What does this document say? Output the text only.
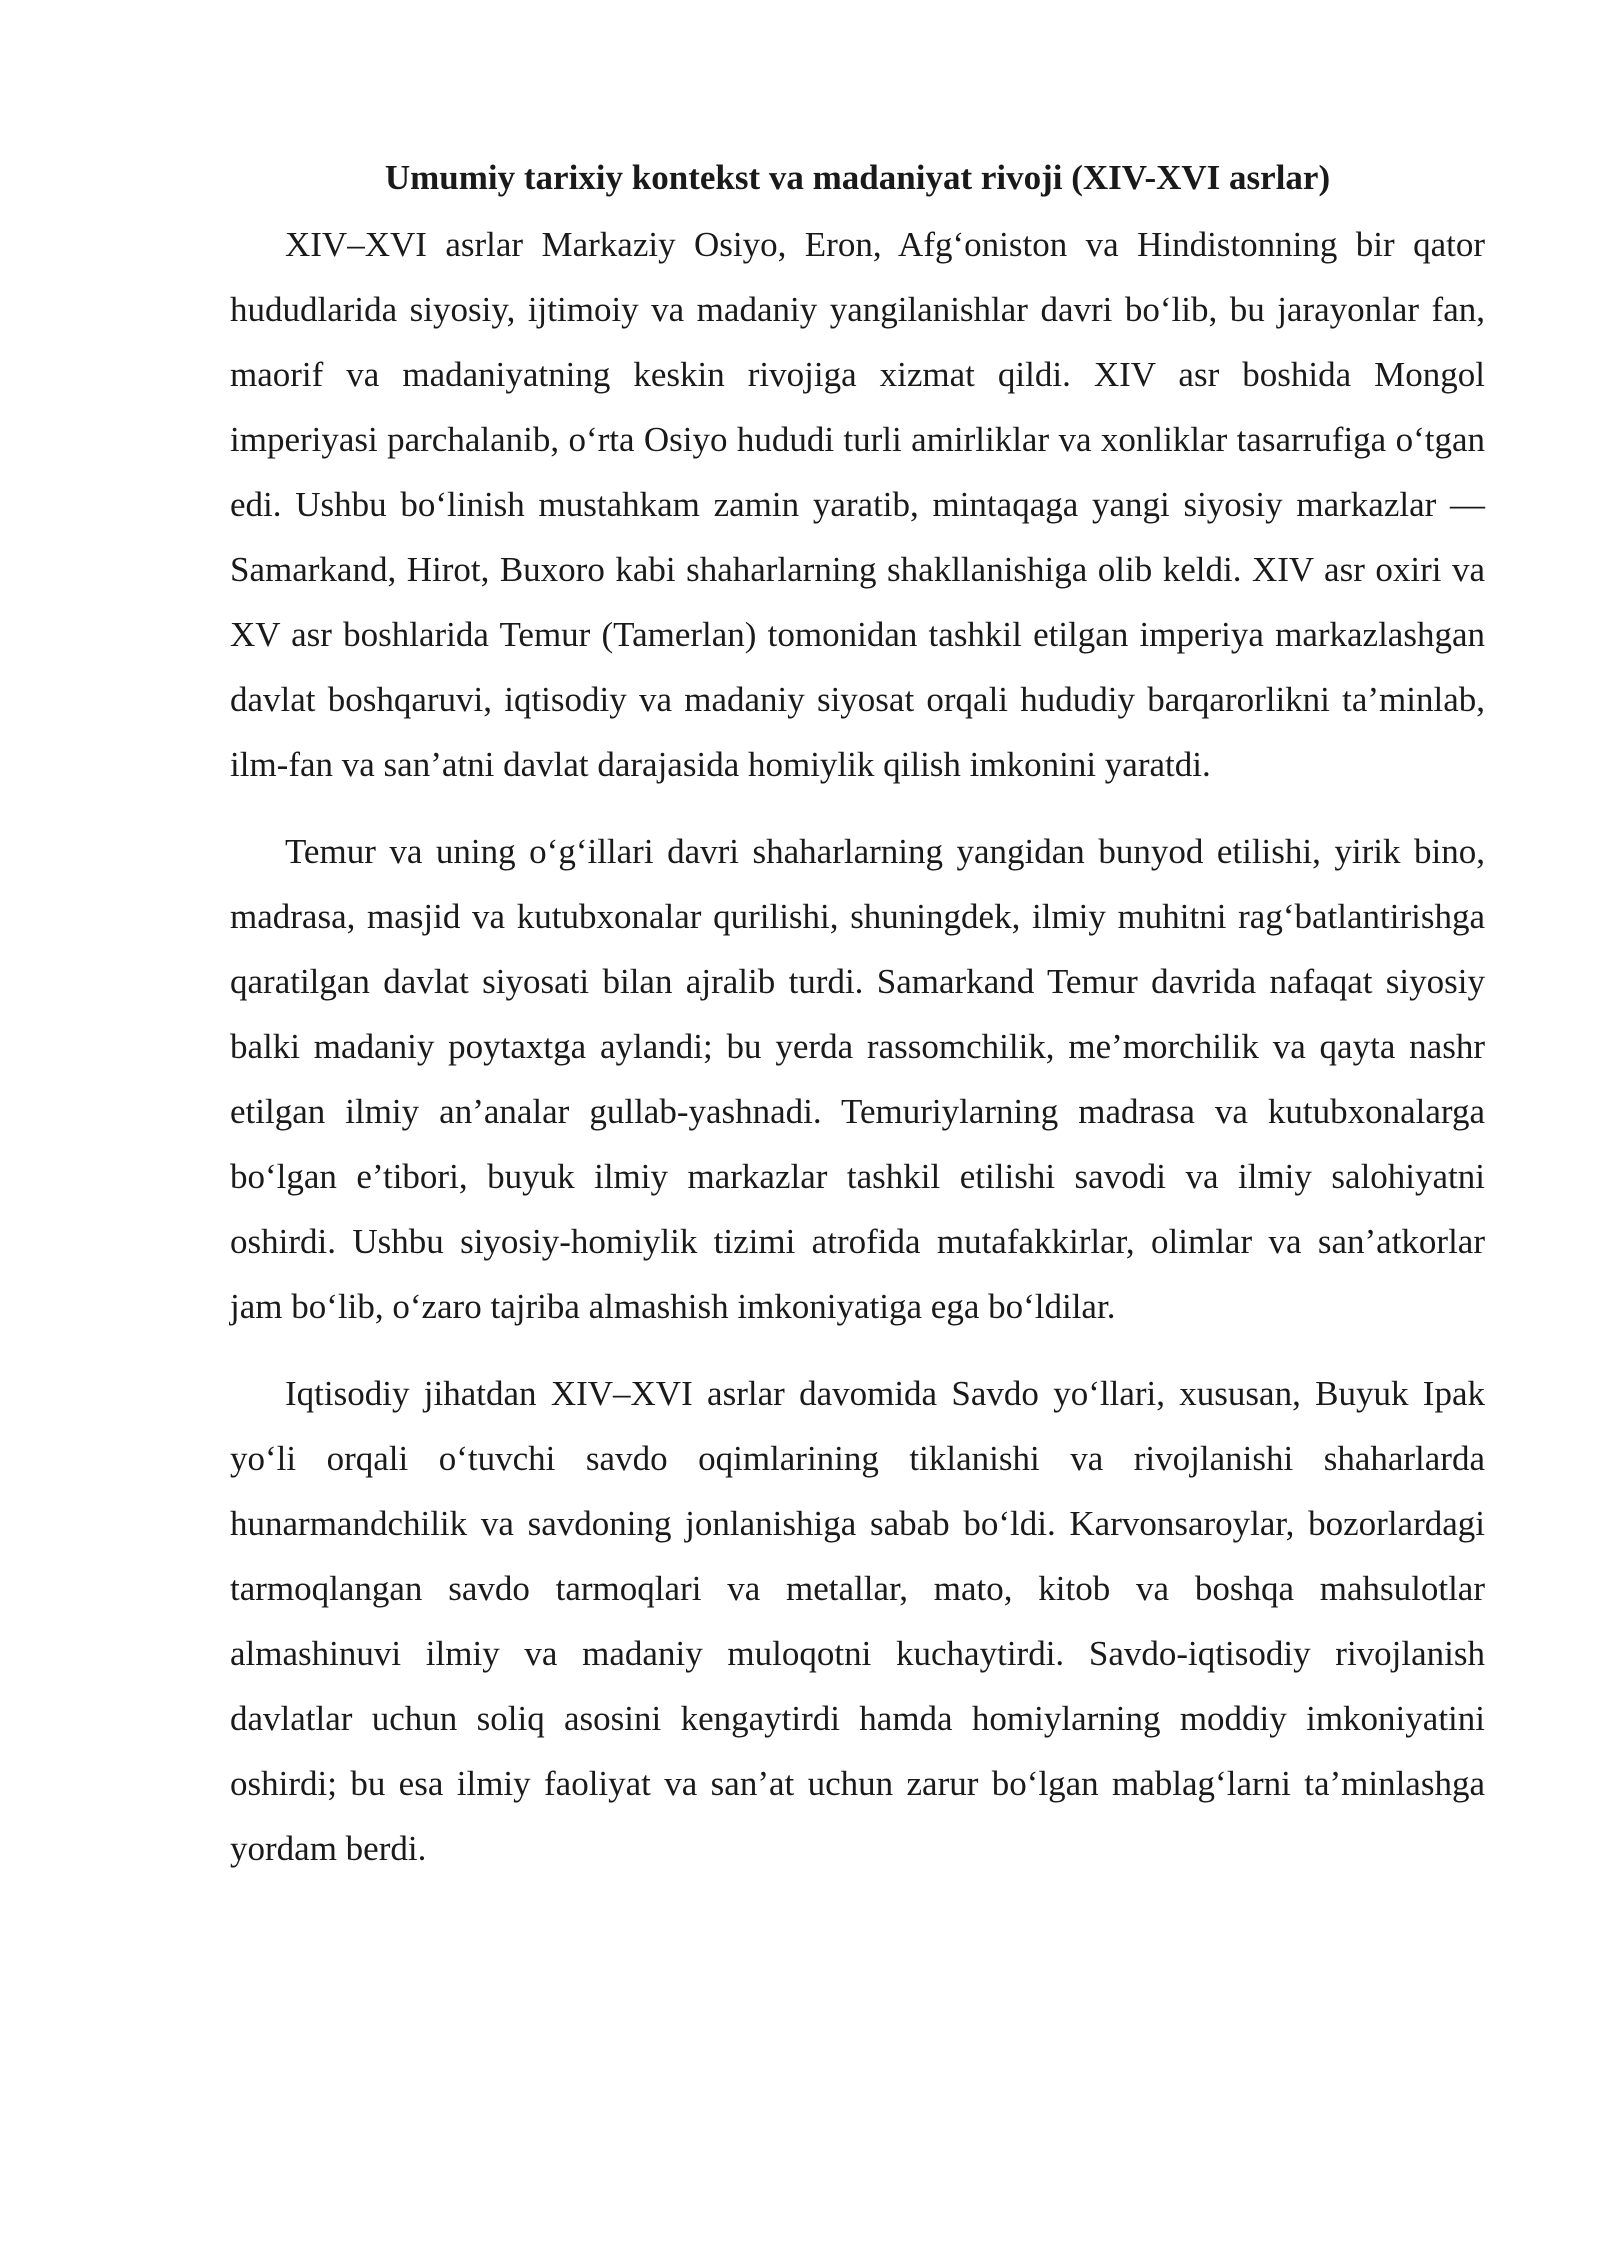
Umumiy tarixiy kontekst va madaniyat rivoji (XIV-XVI asrlar)

XIV–XVI asrlar Markaziy Osiyo, Eron, Afg‘oniston va Hindistonning bir qator hududlarida siyosiy, ijtimoiy va madaniy yangilanishlar davri bo‘lib, bu jarayonlar fan, maorif va madaniyatning keskin rivojiga xizmat qildi. XIV asr boshida Mongol imperiyasi parchalanib, o‘rta Osiyo hududi turli amirliklar va xonliklar tasarrufiga o‘tgan edi. Ushbu bo‘linish mustahkam zamin yaratib, mintaqaga yangi siyosiy markazlar — Samarkand, Hirot, Buxoro kabi shaharlarning shakllanishiga olib keldi. XIV asr oxiri va XV asr boshlarida Temur (Tamerlan) tomonidan tashkil etilgan imperiya markazlashgan davlat boshqaruvi, iqtisodiy va madaniy siyosat orqali hududiy barqarorlikni ta’minlab, ilm-fan va san’atni davlat darajasida homiylik qilish imkonini yaratdi.

Temur va uning o‘g‘illari davri shaharlarning yangidan bunyod etilishi, yirik bino, madrasa, masjid va kutubxonalar qurilishi, shuningdek, ilmiy muhitni rag‘batlantirishga qaratilgan davlat siyosati bilan ajralib turdi. Samarkand Temur davrida nafaqat siyosiy balki madaniy poytaxtga aylandi; bu yerda rassomchilik, me’morchilik va qayta nashr etilgan ilmiy an’analar gullab-yashnadi. Temuriylarning madrasa va kutubxonalarga bo‘lgan e’tibori, buyuk ilmiy markazlar tashkil etilishi savodi va ilmiy salohiyatni oshirdi. Ushbu siyosiy-homiylik tizimi atrofida mutafakkirlar, olimlar va san’atkorlar jam bo‘lib, o‘zaro tajriba almashish imkoniyatiga ega bo‘ldilar.

Iqtisodiy jihatdan XIV–XVI asrlar davomida Savdo yo‘llari, xususan, Buyuk Ipak yo‘li orqali o‘tuvchi savdo oqimlarining tiklanishi va rivojlanishi shaharlarda hunarmandchilik va savdoning jonlanishiga sabab bo‘ldi. Karvonsaroylar, bozorlardagi tarmoqlangan savdo tarmoqlari va metallar, mato, kitob va boshqa mahsulotlar almashinuvi ilmiy va madaniy muloqotni kuchaytirdi. Savdo-iqtisodiy rivojlanish davlatlar uchun soliq asosini kengaytirdi hamda homiylarning moddiy imkoniyatini oshirdi; bu esa ilmiy faoliyat va san’at uchun zarur bo‘lgan mablag‘larni ta’minlashga yordam berdi.
